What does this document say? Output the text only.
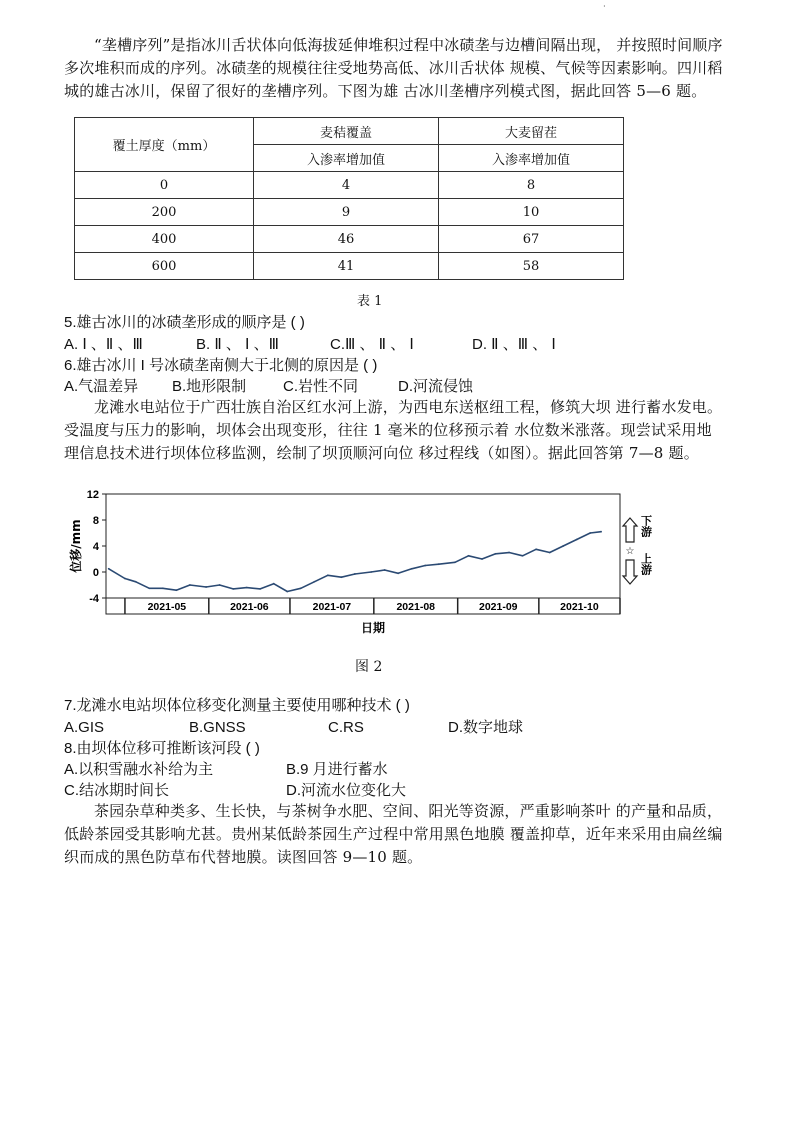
·
“垄槽序列”是指冰川舌状体向低海拔延伸堆积过程中冰碛垄与边槽间隔出现， 并按照时间顺序多次堆积而成的序列。冰碛垄的规模往往受地势高低、冰川舌状体 规模、气候等因素影响。四川稻城的雄古冰川，保留了很好的垄槽序列。下图为雄 古冰川垄槽序列模式图，据此回答 5—6 题。
覆土厚度（mm）	麦秸覆盖	大麦留茬
	入渗率增加值	入渗率增加值
0	4	8
200	9	10
400	46	67
600	41	58
表 1
5.雄古冰川的冰碛垄形成的顺序是 ( )
A. Ⅰ 、Ⅱ 、Ⅲ	B. Ⅱ 、 Ⅰ 、Ⅲ	C.Ⅲ 、 Ⅱ 、 Ⅰ	D. Ⅱ 、Ⅲ 、 Ⅰ
6.雄古冰川 I 号冰碛垄南侧大于北侧的原因是 ( )
A.气温差异 B.地形限制 C.岩性不同	D.河流侵蚀
龙滩水电站位于广西壮族自治区红水河上游，为西电东送枢纽工程，修筑大坝 进行蓄水发电。受温度与压力的影响，坝体会出现变形，往往 1 毫米的位移预示着 水位数米涨落。现尝试采用地理信息技术进行坝体位移监测，绘制了坝顶顺河向位 移过程线（如图）。据此回答第 7—8 题。
-4
0
4
8
12
2021-05	2021-06	2021-07	2021-08	2021-09	2021-10
位移/mm
日期
☆
下游
上游
图 2
7.龙滩水电站坝体位移变化测量主要使用哪种技术 ( )
A.GIS	B.GNSS	C.RS	D.数字地球
8.由坝体位移可推断该河段 ( )
A.以积雪融水补给为主	B.9 月进行蓄水
C.结冰期时间长	D.河流水位变化大
茶园杂草种类多、生长快，与茶树争水肥、空间、阳光等资源，严重影响茶叶 的产量和品质，低龄茶园受其影响尤甚。贵州某低龄茶园生产过程中常用黑色地膜 覆盖抑草，近年来采用由扁丝编织而成的黑色防草布代替地膜。读图回答 9—10 题。
